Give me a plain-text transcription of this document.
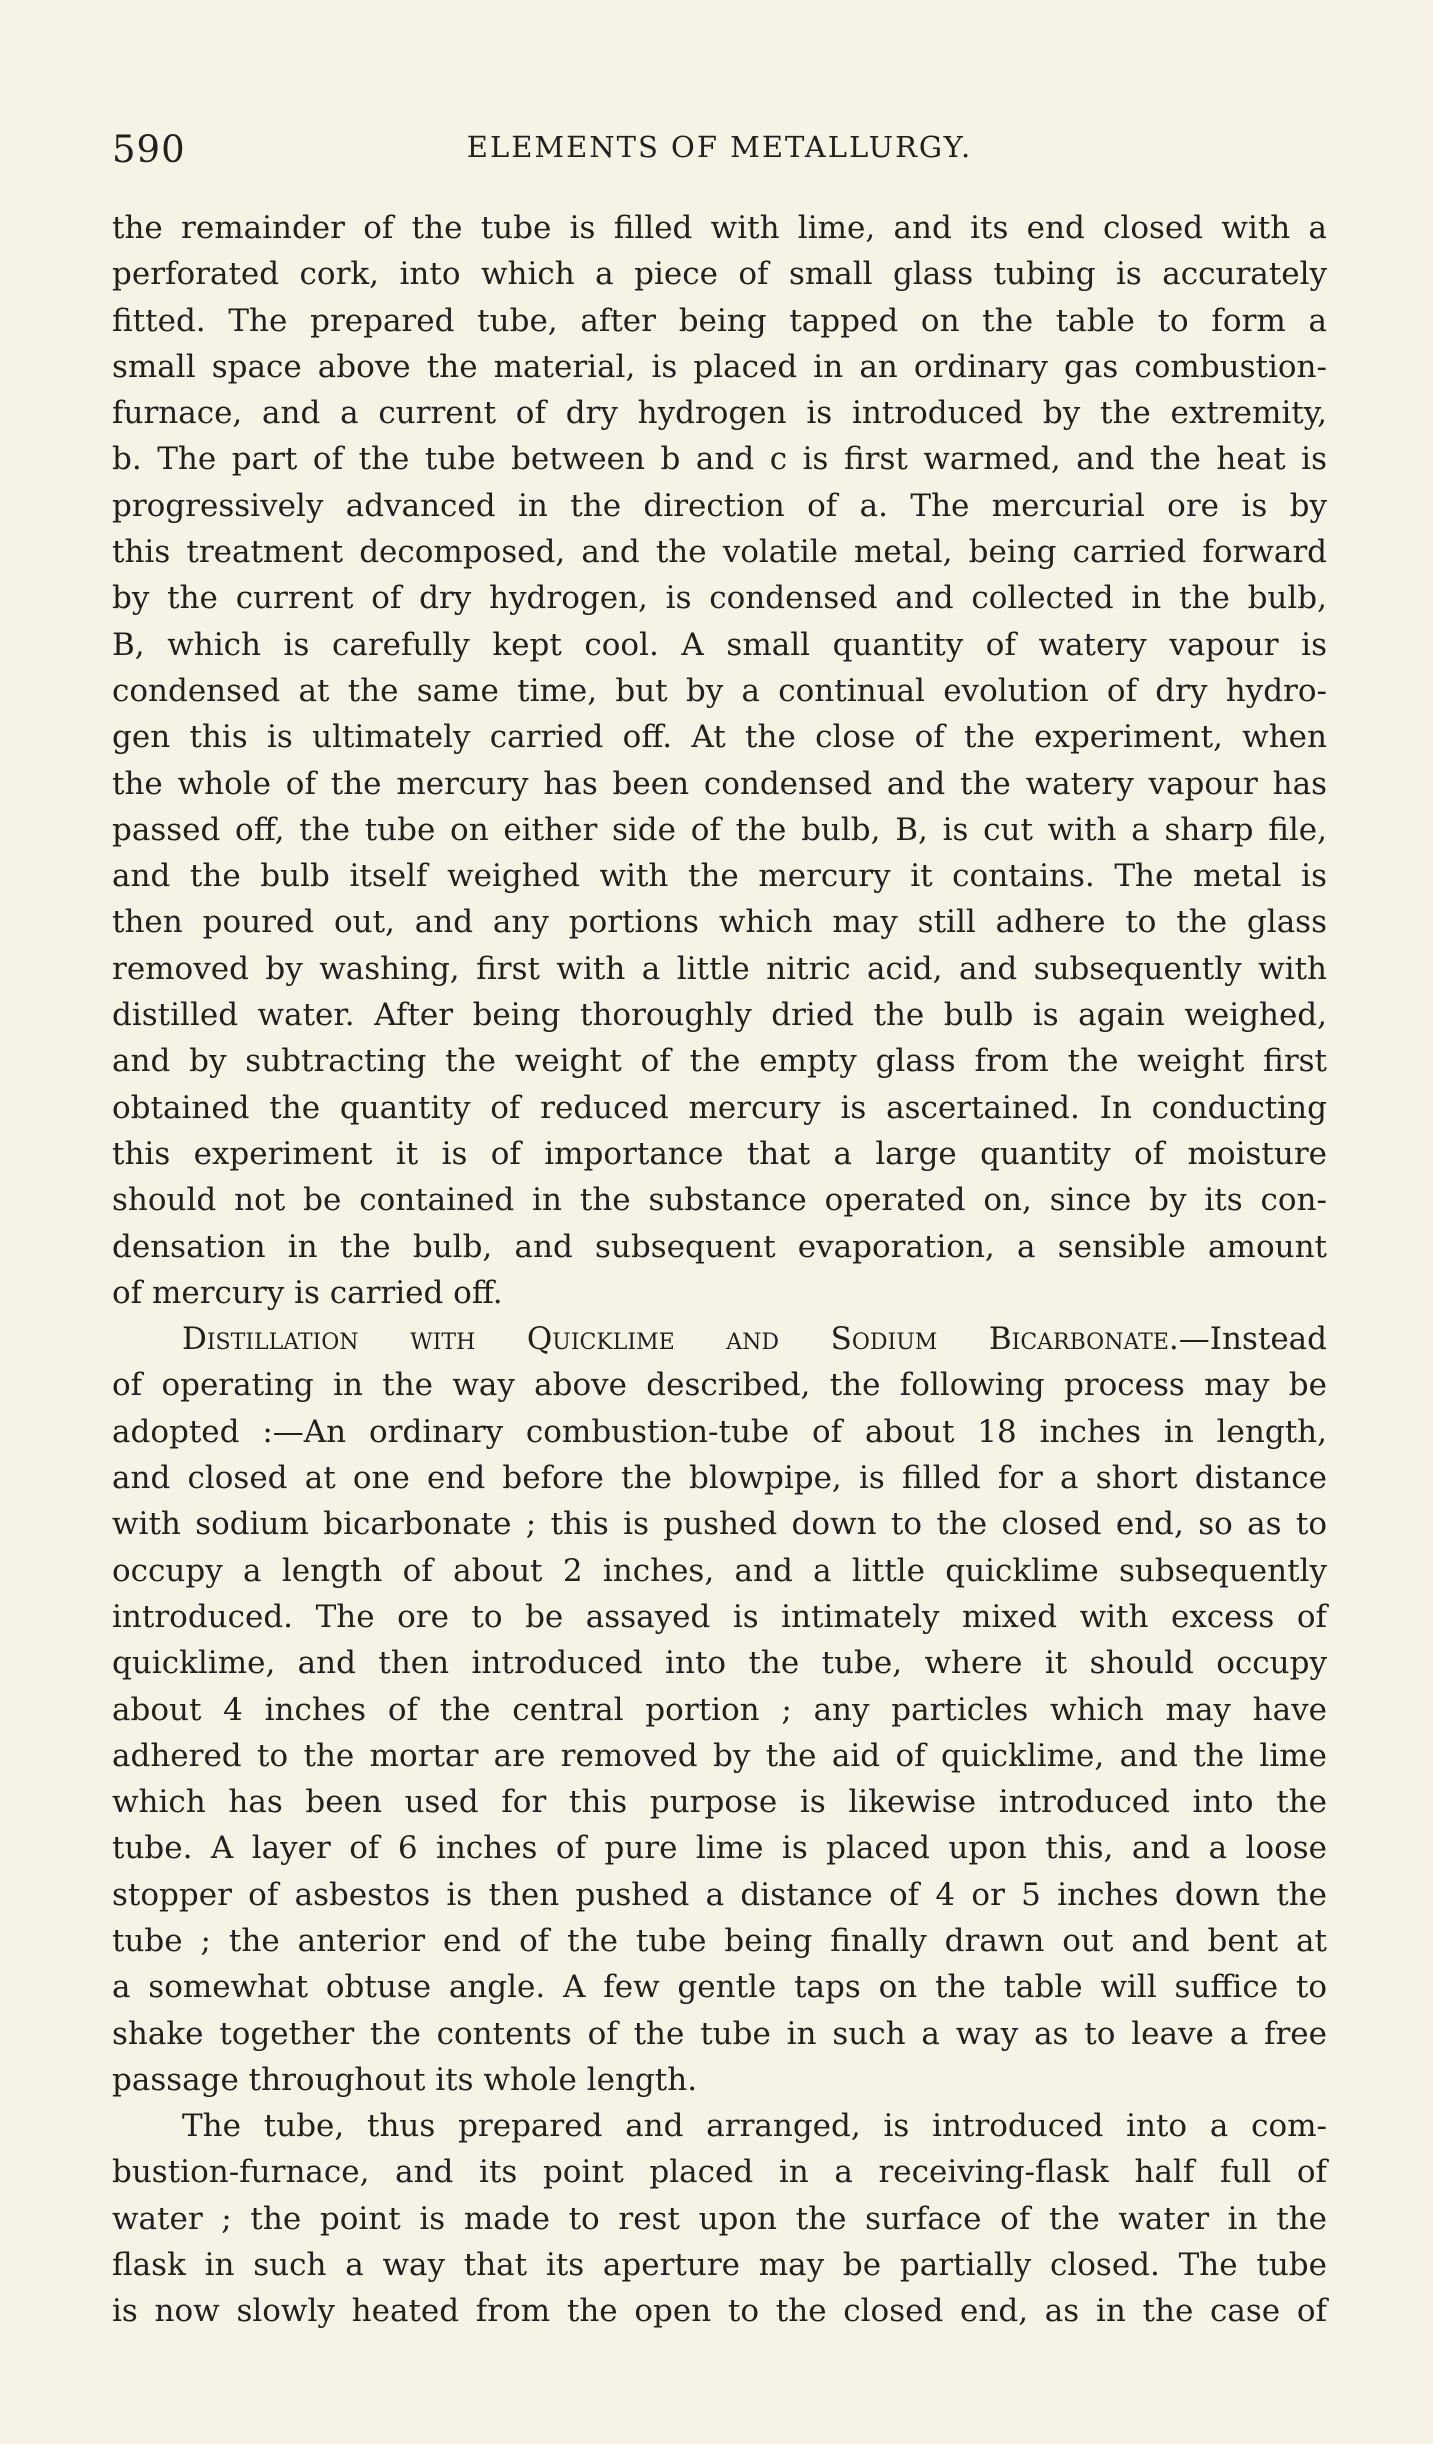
590	ELEMENTS OF METALLURGY.
the remainder of the tube is filled with lime, and its end closed with a
perforated cork, into which a piece of small glass tubing is accurately
fitted. The prepared tube, after being tapped on the table to form a
small space above the material, is placed in an ordinary gas combustion-
furnace, and a current of dry hydrogen is introduced by the extremity,
b. The part of the tube between b and c is first warmed, and the heat is
progressively advanced in the direction of a. The mercurial ore is by
this treatment decomposed, and the volatile metal, being carried forward
by the current of dry hydrogen, is condensed and collected in the bulb,
B, which is carefully kept cool. A small quantity of watery vapour is
condensed at the same time, but by a continual evolution of dry hydro-
gen this is ultimately carried off. At the close of the experiment, when
the whole of the mercury has been condensed and the watery vapour has
passed off, the tube on either side of the bulb, B, is cut with a sharp file,
and the bulb itself weighed with the mercury it contains. The metal is
then poured out, and any portions which may still adhere to the glass
removed by washing, first with a little nitric acid, and subsequently with
distilled water. After being thoroughly dried the bulb is again weighed,
and by subtracting the weight of the empty glass from the weight first
obtained the quantity of reduced mercury is ascertained. In conducting
this experiment it is of importance that a large quantity of moisture
should not be contained in the substance operated on, since by its con-
densation in the bulb, and subsequent evaporation, a sensible amount
of mercury is carried off.
Distillation with Quicklime and Sodium Bicarbonate.—Instead
of operating in the way above described, the following process may be
adopted :—An ordinary combustion-tube of about 18 inches in length,
and closed at one end before the blowpipe, is filled for a short distance
with sodium bicarbonate ; this is pushed down to the closed end, so as to
occupy a length of about 2 inches, and a little quicklime subsequently
introduced. The ore to be assayed is intimately mixed with excess of
quicklime, and then introduced into the tube, where it should occupy
about 4 inches of the central portion ; any particles which may have
adhered to the mortar are removed by the aid of quicklime, and the lime
which has been used for this purpose is likewise introduced into the
tube. A layer of 6 inches of pure lime is placed upon this, and a loose
stopper of asbestos is then pushed a distance of 4 or 5 inches down the
tube ; the anterior end of the tube being finally drawn out and bent at
a somewhat obtuse angle. A few gentle taps on the table will suffice to
shake together the contents of the tube in such a way as to leave a free
passage throughout its whole length.
The tube, thus prepared and arranged, is introduced into a com-
bustion-furnace, and its point placed in a receiving-flask half full of
water ; the point is made to rest upon the surface of the water in the
flask in such a way that its aperture may be partially closed. The tube
is now slowly heated from the open to the closed end, as in the case of
